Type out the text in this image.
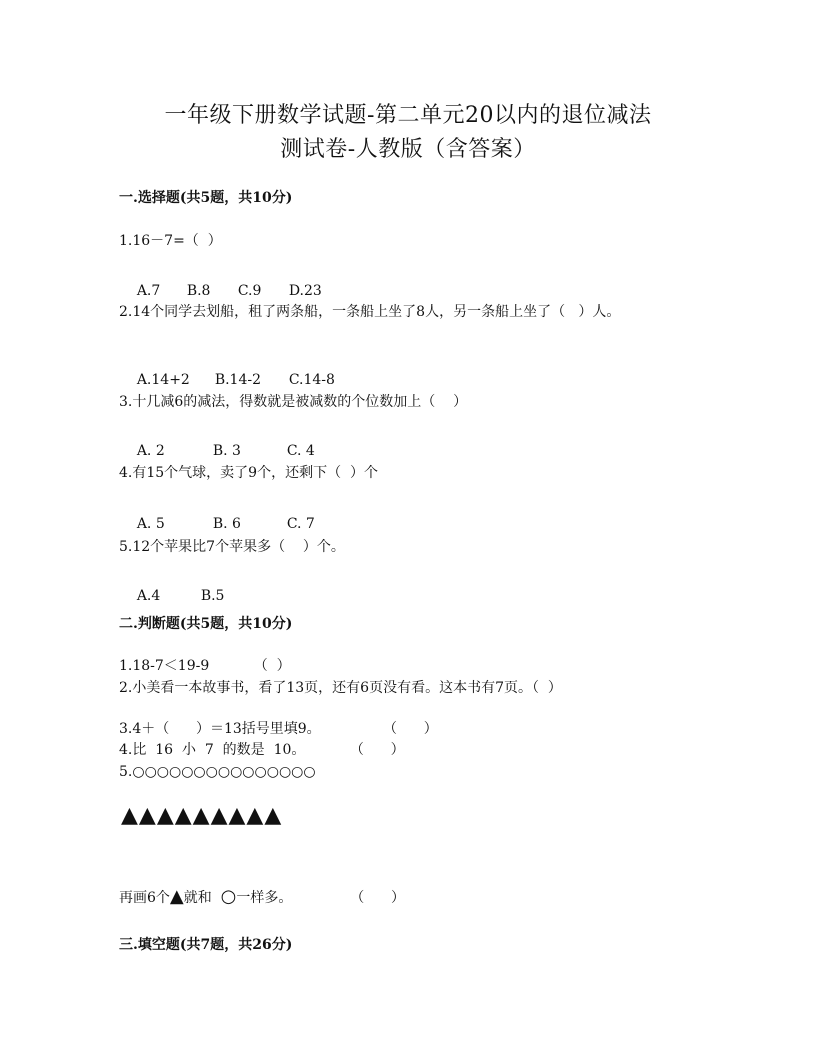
一年级下册数学试题-第二单元20以内的退位减法
测试卷-人教版（含答案）
一.选择题(共5题，共10分)
1.16－7=（  ）

A.7 B.8 C.9 D.23

2.14个同学去划船，租了两条船，一条船上坐了8人，另一条船上坐了（   ）人。

A.14+2 B.14-2 C.14-8

3.十几减6的减法，得数就是被减数的个位数加上（    ）

A. 2	B. 3	C. 4

4.有15个气球，卖了9个，还剩下（  ）个

A. 5	B. 6	C. 7

5.12个苹果比7个苹果多（    ）个。

A.4	B.5

二.判断题(共5题，共10分)
1.18-7＜19-9          （  ）
2.小美看一本故事书，看了13页，还有6页没有看。这本书有7页。（  ）
3.4＋（      ）＝13括号里填9。              （      ）
4.比  16  小  7  的数是  10。          （      ）
5.○○○○○○○○○○○○○○○
▲▲▲▲▲▲▲▲▲
再画6个▲就和  ○一样多。             （      ）
三.填空题(共7题，共26分)
